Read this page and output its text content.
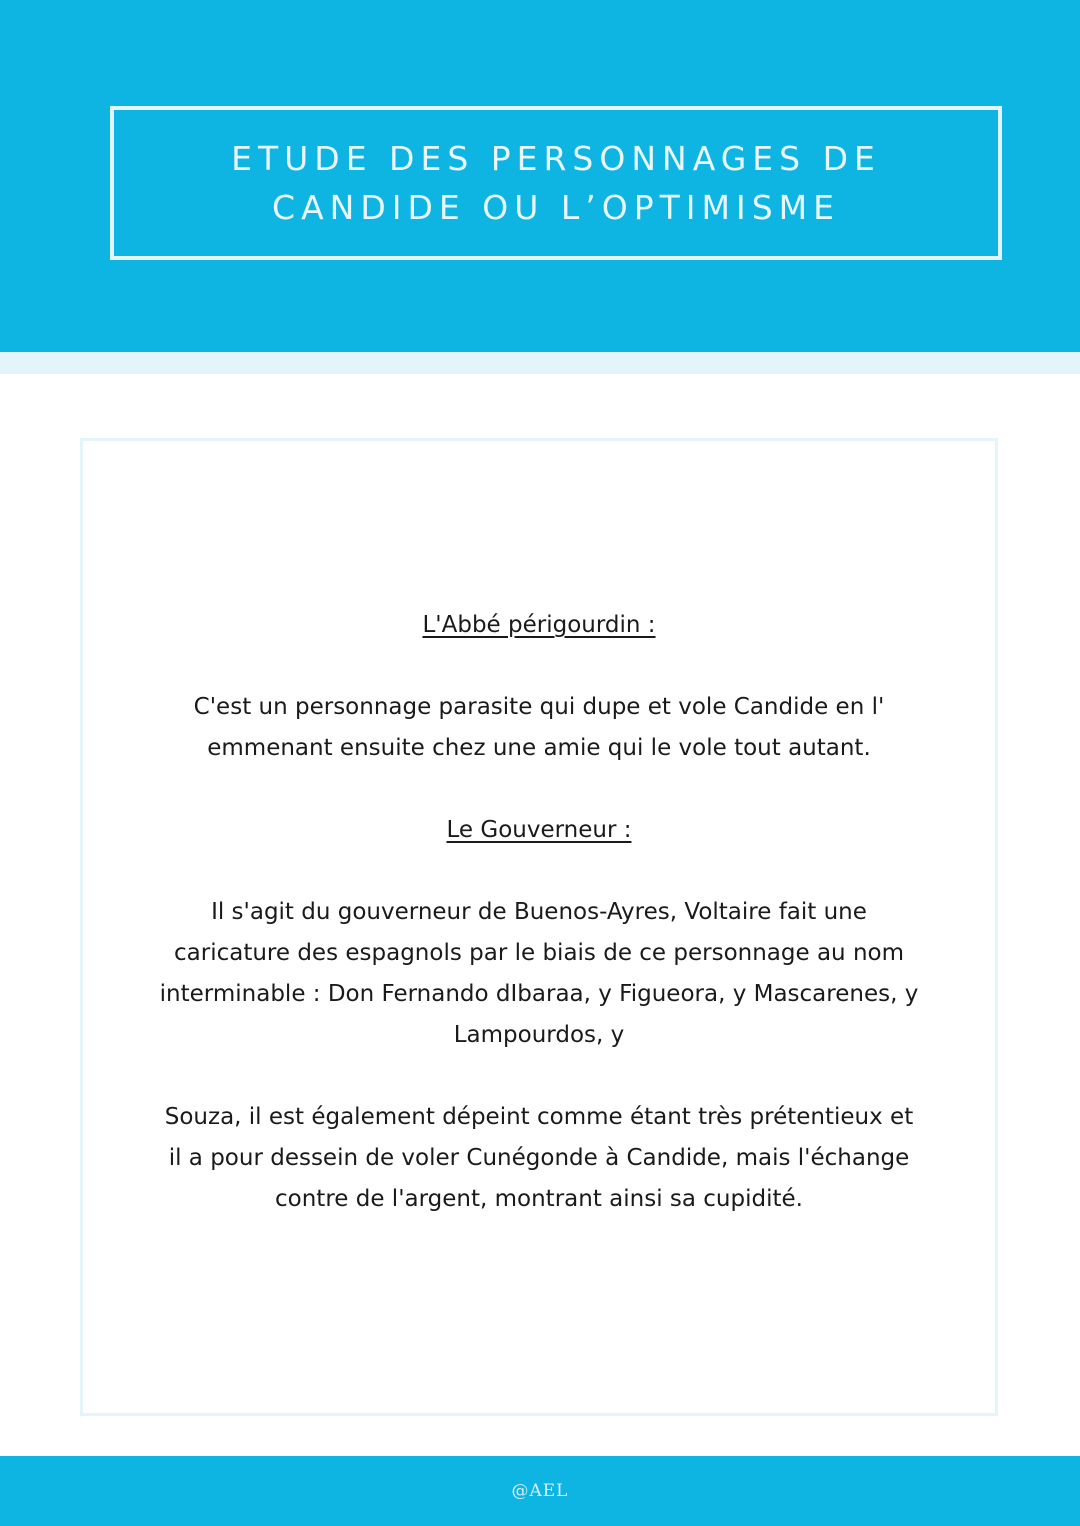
ETUDE DES PERSONNAGES DE
CANDIDE OU L’OPTIMISME

L'Abbé périgourdin :

C'est un personnage parasite qui dupe et vole Candide en l' emmenant ensuite chez une amie qui le vole tout autant.

Le Gouverneur :

Il s'agit du gouverneur de Buenos-Ayres, Voltaire fait une caricature des espagnols par le biais de ce personnage au nom interminable : Don Fernando dIbaraa, y Figueora, y Mascarenes, y Lampourdos, y

Souza, il est également dépeint comme étant très prétentieux et il a pour dessein de voler Cunégonde à Candide, mais l'échange contre de l'argent, montrant ainsi sa cupidité.

@AEL
